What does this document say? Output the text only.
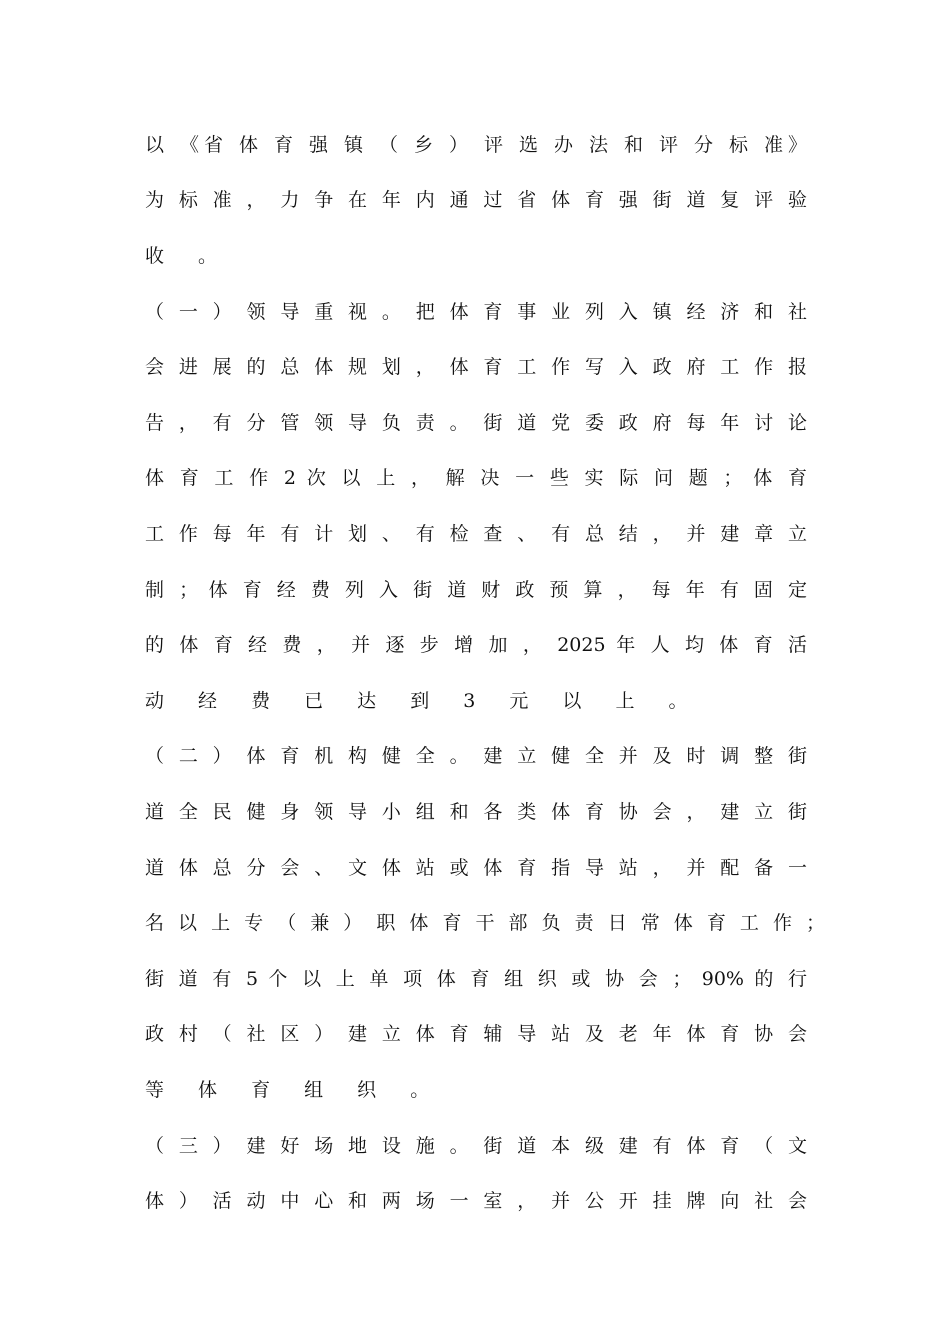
以 《省 体 育 强 镇 （ 乡 ） 评 选 办 法 和 评 分 标 准》
为 标 准 ， 力 争 在 年 内 通 过 省 体 育 强 街 道 复 评 验
收 。
（ 一 ） 领 导 重 视 。 把 体 育 事 业 列 入 镇 经 济 和 社
会 进 展 的 总 体 规 划 ， 体 育 工 作 写 入 政 府 工 作 报
告 ， 有 分 管 领 导 负 责 。 街 道 党 委 政 府 每 年 讨 论
体 育 工 作 2 次 以 上 ， 解 决 一 些 实 际 问 题 ； 体 育
工 作 每 年 有 计 划 、 有 检 查 、 有 总 结 ， 并 建 章 立
制 ； 体 育 经 费 列 入 街 道 财 政 预 算 ， 每 年 有 固 定
的 体 育 经 费 ， 并 逐 步 增 加 ， 2025 年 人 均 体 育 活
动 经 费 已 达 到 3 元 以 上 。
（ 二 ） 体 育 机 构 健 全 。 建 立 健 全 并 及 时 调 整 街
道 全 民 健 身 领 导 小 组 和 各 类 体 育 协 会 ， 建 立 街
道 体 总 分 会 、 文 体 站 或 体 育 指 导 站 ， 并 配 备 一
名 以 上 专 （ 兼 ） 职 体 育 干 部 负 责 日 常 体 育 工 作 ；
街 道 有 5 个 以 上 单 项 体 育 组 织 或 协 会 ； 90% 的 行
政 村 （ 社 区 ） 建 立 体 育 辅 导 站 及 老 年 体 育 协 会
等 体 育 组 织 。
（ 三 ） 建 好 场 地 设 施 。 街 道 本 级 建 有 体 育 （ 文
体 ） 活 动 中 心 和 两 场 一 室 ， 并 公 开 挂 牌 向 社 会
